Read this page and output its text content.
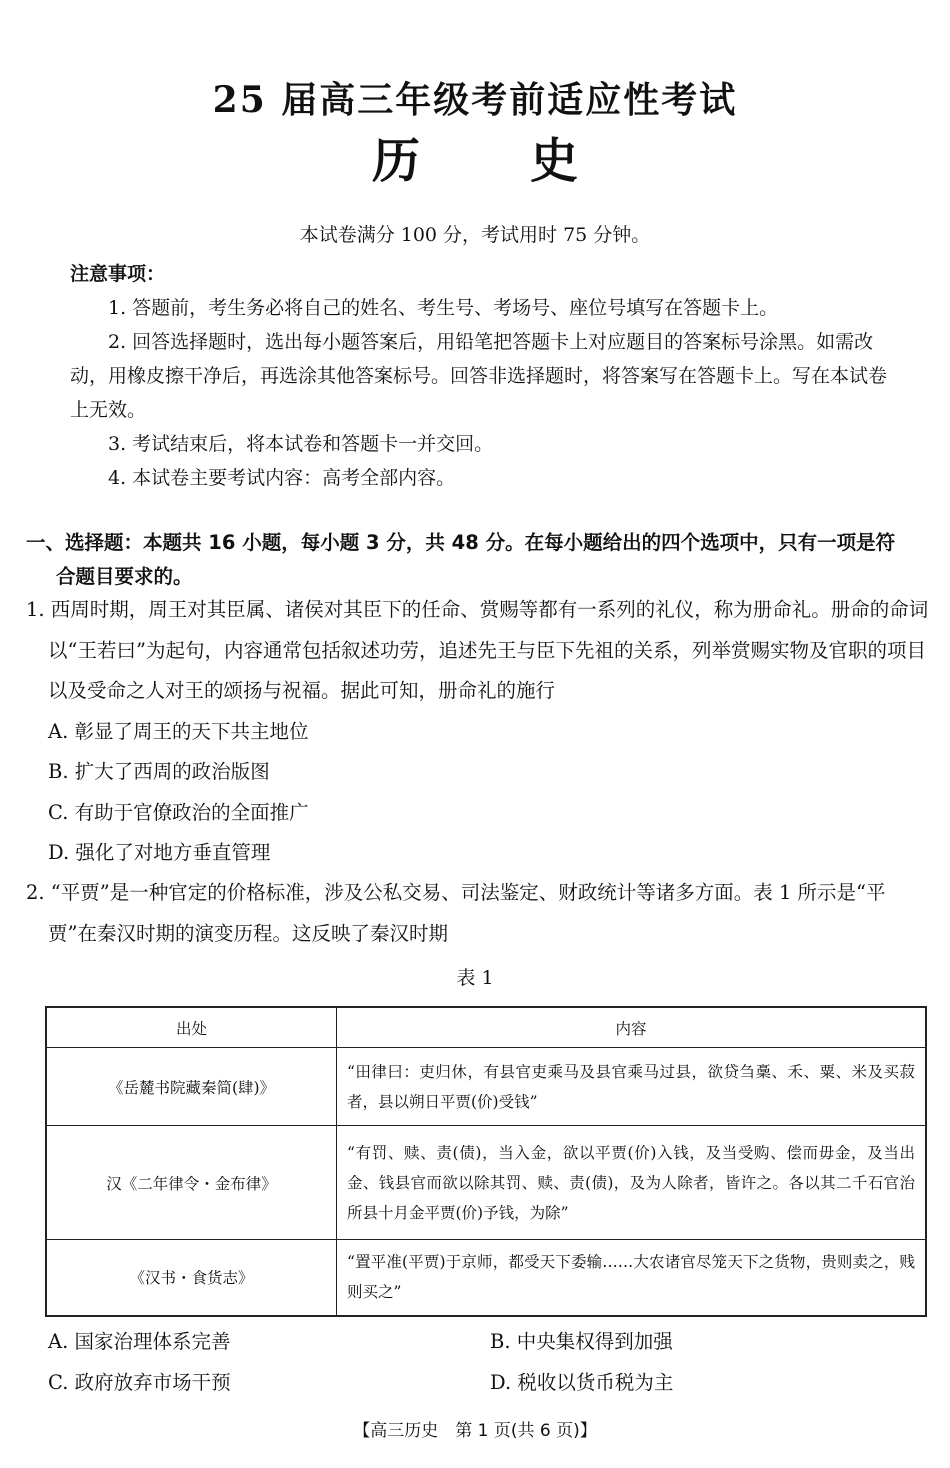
25 届高三年级考前适应性考试
历 史
本试卷满分 100 分，考试用时 75 分钟。
注意事项：

1. 答题前，考生务必将自己的姓名、考生号、考场号、座位号填写在答题卡上。

2. 回答选择题时，选出每小题答案后，用铅笔把答题卡上对应题目的答案标号涂黑。如需改动，用橡皮擦干净后，再选涂其他答案标号。回答非选择题时，将答案写在答题卡上。写在本试卷上无效。

3. 考试结束后，将本试卷和答题卡一并交回。

4. 本试卷主要考试内容：高考全部内容。

一、选择题：本题共 16 小题，每小题 3 分，共 48 分。在每小题给出的四个选项中，只有一项是符
合题目要求的。

1. 西周时期，周王对其臣属、诸侯对其臣下的任命、赏赐等都有一系列的礼仪，称为册命礼。册命的命词以“王若曰”为起句，内容通常包括叙述功劳，追述先王与臣下先祖的关系，列举赏赐实物及官职的项目以及受命之人对王的颂扬与祝福。据此可知，册命礼的施行

A. 彰显了周王的天下共主地位

B. 扩大了西周的政治版图

C. 有助于官僚政治的全面推广

D. 强化了对地方垂直管理

2. “平贾”是一种官定的价格标准，涉及公私交易、司法鉴定、财政统计等诸多方面。表 1 所示是“平贾”在秦汉时期的演变历程。这反映了秦汉时期

表 1
出处	内容
《岳麓书院藏秦简(肆)》	“田律曰：吏归休，有县官吏乘马及县官乘马过县，欲贷刍稾、禾、粟、米及买菽者，县以朔日平贾(价)受钱”
汉《二年律令・金布律》	“有罚、赎、责(债)，当入金，欲以平贾(价)入钱，及当受购、偿而毋金，及当出金、钱县官而欲以除其罚、赎、责(债)，及为人除者，皆许之。各以其二千石官治所县十月金平贾(价)予钱，为除”
《汉书・食货志》	“置平准(平贾)于京师，都受天下委输……大农诸官尽笼天下之货物，贵则卖之，贱则买之”
A. 国家治理体系完善	B. 中央集权得到加强
C. 政府放弃市场干预	D. 税收以货币税为主
【高三历史　第 1 页(共 6 页)】
